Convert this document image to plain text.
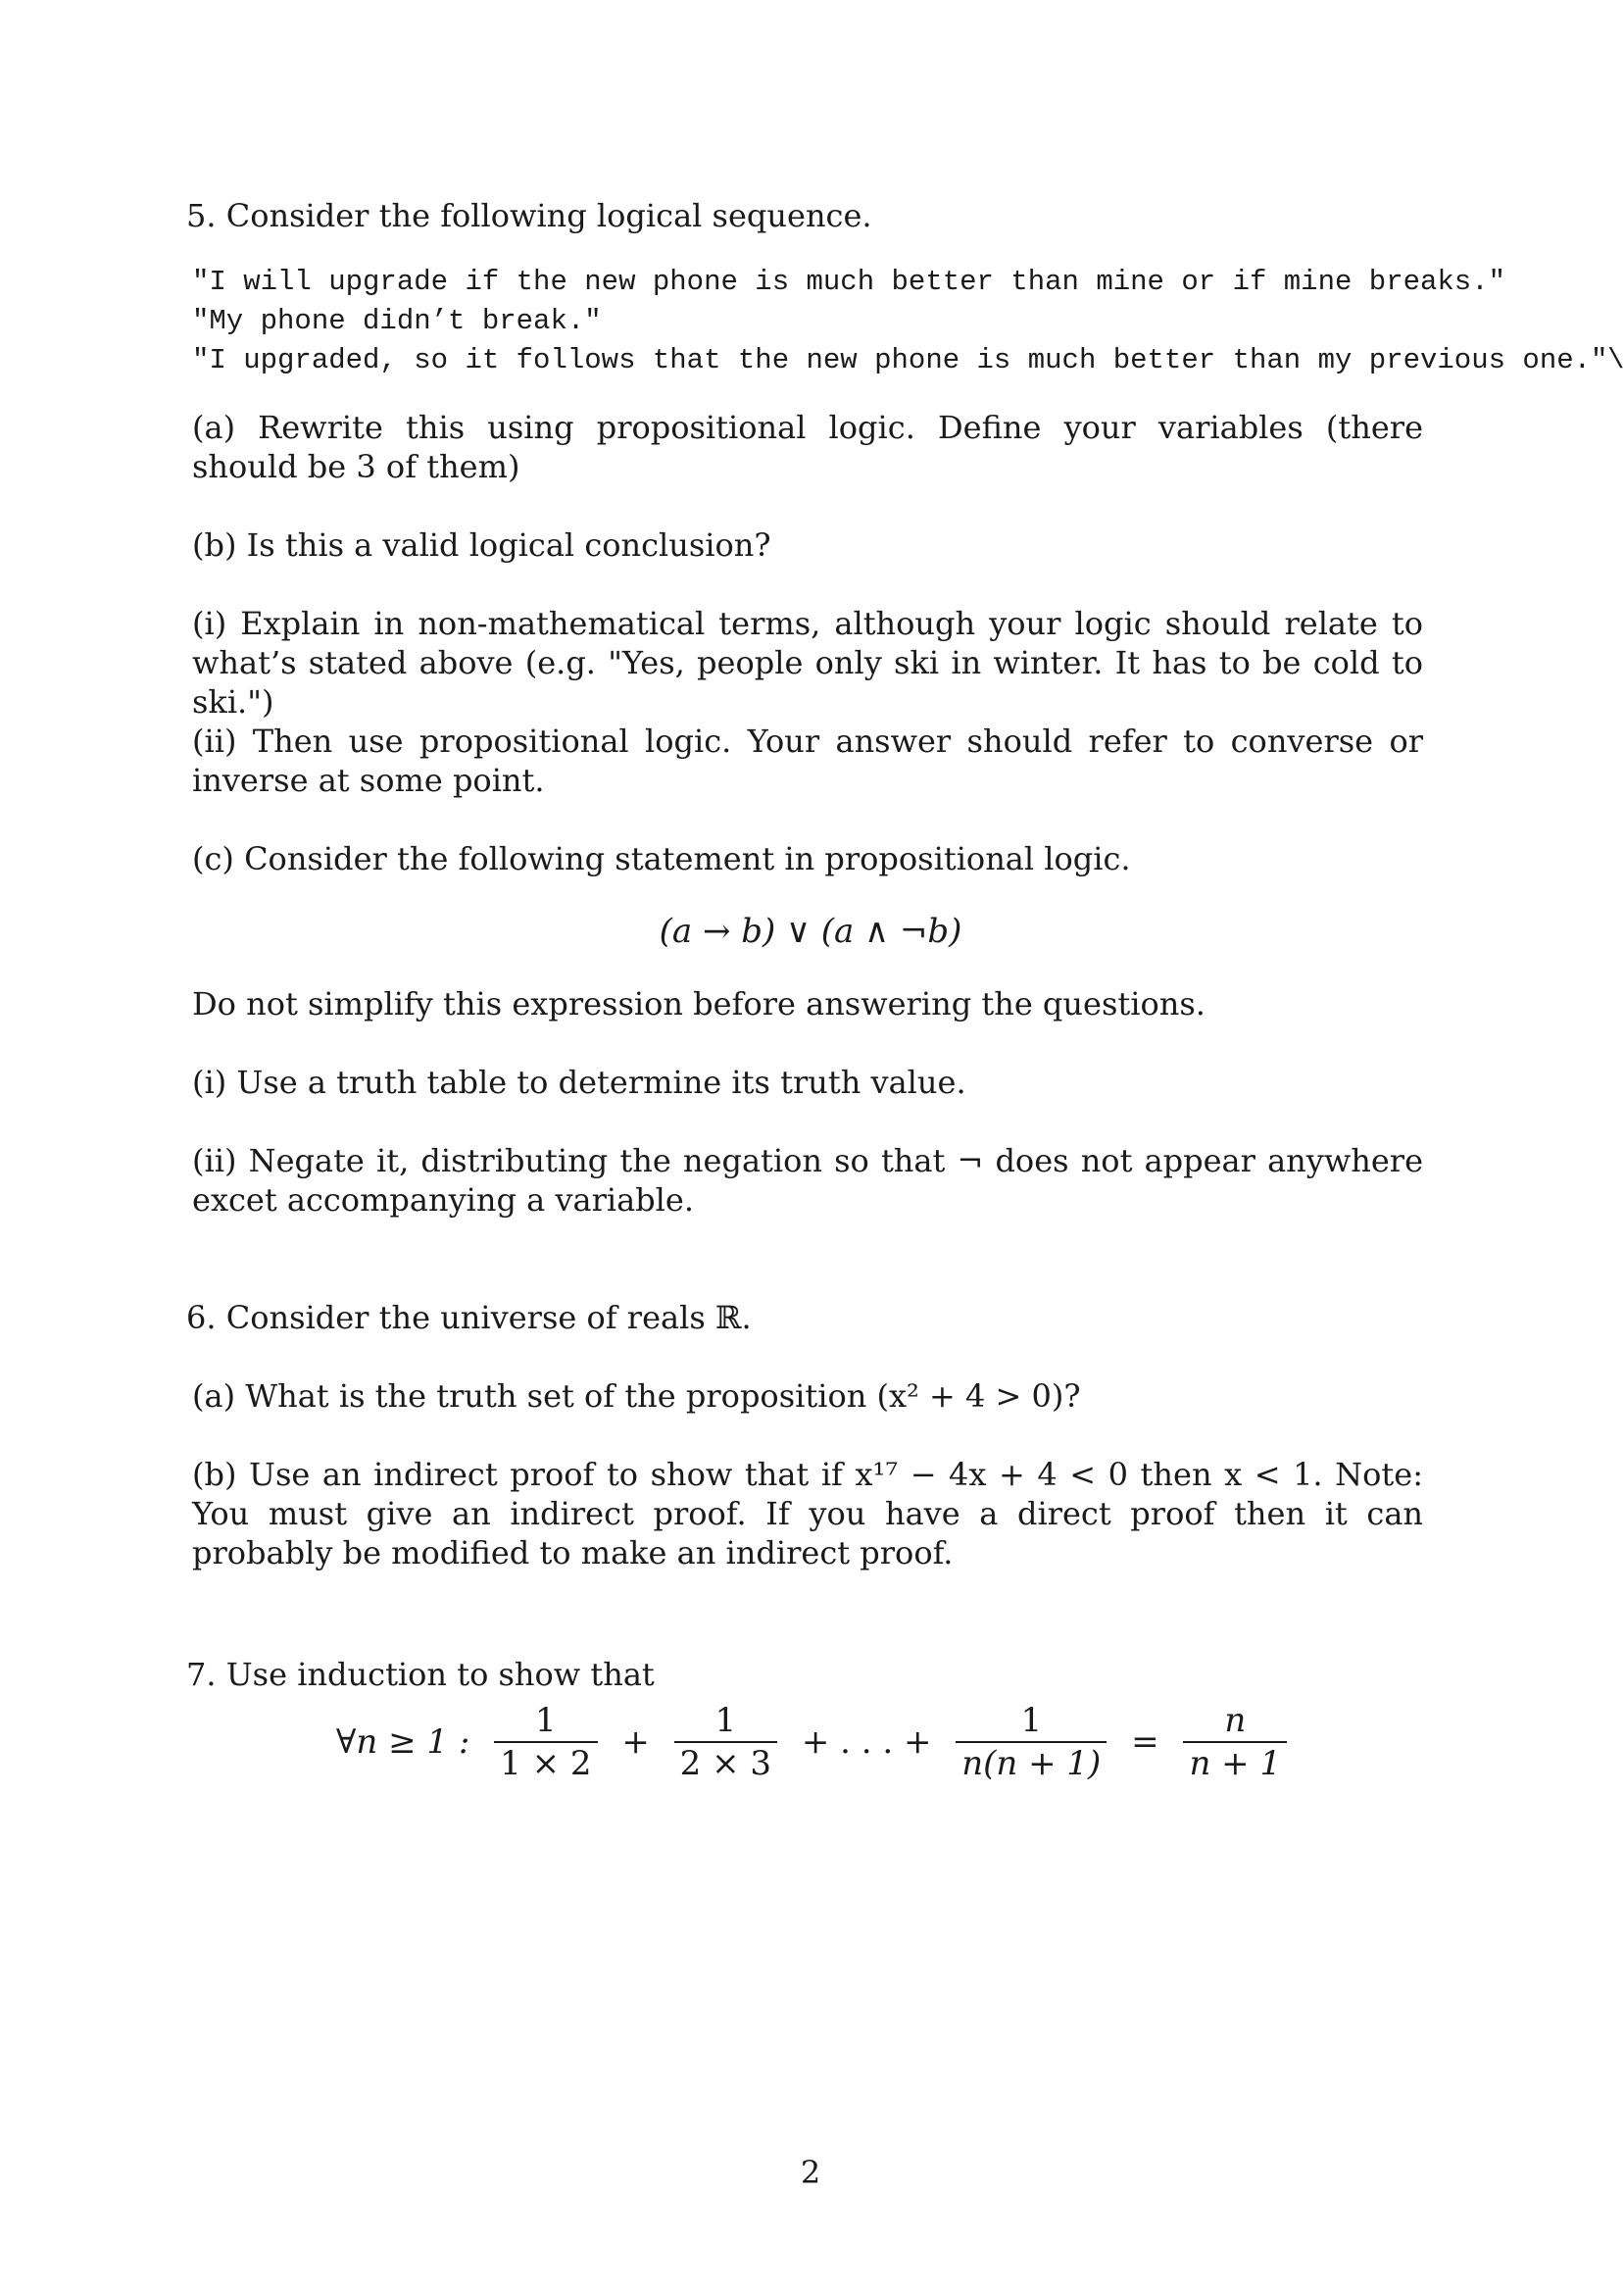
5. Consider the following logical sequence.
"I will upgrade if the new phone is much better than mine or if mine breaks."
"My phone didn’t break."
"I upgraded, so it follows that the new phone is much better than my previous one." \
(a) Rewrite this using propositional logic. Define your variables (there should be 3 of them)
(b) Is this a valid logical conclusion?
(i) Explain in non-mathematical terms, although your logic should relate to what’s stated above (e.g. "Yes, people only ski in winter. It has to be cold to ski.")
(ii) Then use propositional logic. Your answer should refer to converse or inverse at some point.
(c) Consider the following statement in propositional logic.
(a → b) ∨ (a ∧ ¬b)
Do not simplify this expression before answering the questions.
(i) Use a truth table to determine its truth value.
(ii) Negate it, distributing the negation so that ¬ does not appear anywhere excet accompanying a variable.
6. Consider the universe of reals ℝ.
(a) What is the truth set of the proposition (x² + 4 > 0)?
(b) Use an indirect proof to show that if x¹⁷ − 4x + 4 < 0 then x < 1. Note: You must give an indirect proof. If you have a direct proof then it can probably be modified to make an indirect proof.
7. Use induction to show that
∀n ≥ 1 : $\frac{1}{1 \times 2} + \frac{1}{2 \times 3}$ + . . . + $\frac{1}{n(n + 1)} = \frac{n}{n + 1}$
2
